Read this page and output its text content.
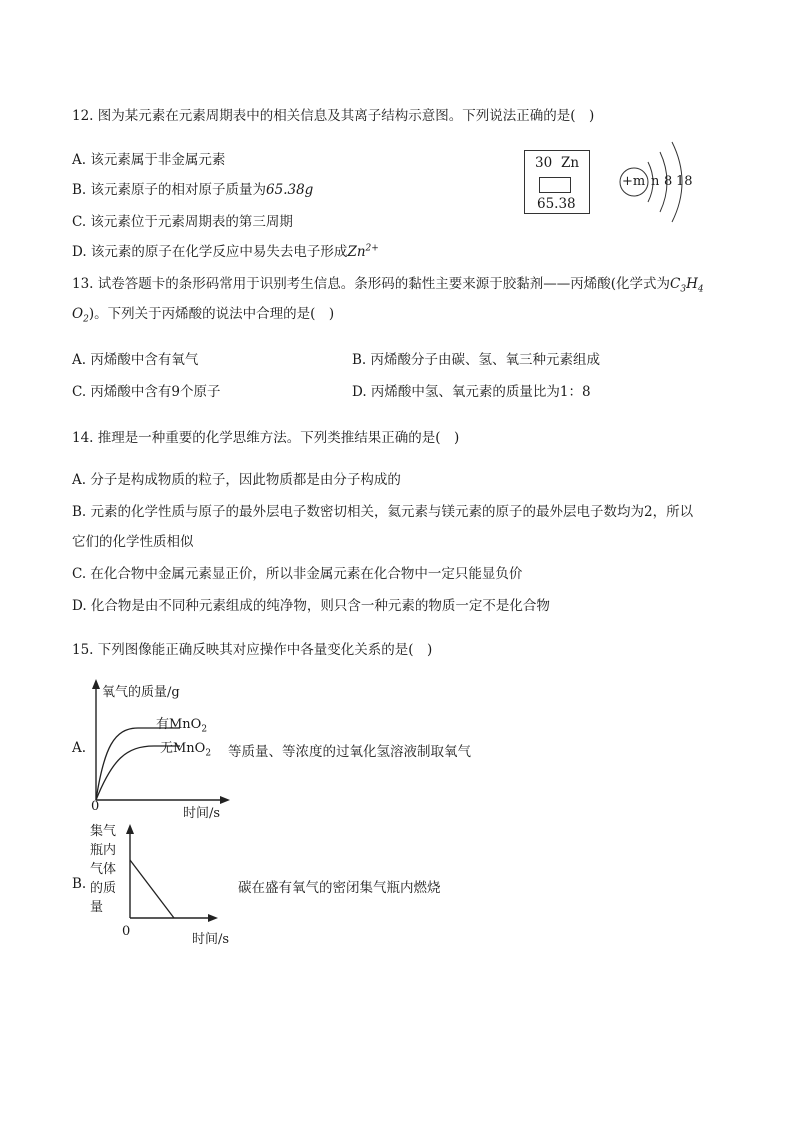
12. 图为某元素在元素周期表中的相关信息及其离子结构示意图。下列说法正确的是(　)
A. 该元素属于非金属元素
B. 该元素原子的相对原子质量为65.38g
C. 该元素位于元素周期表的第三周期
D. 该元素的原子在化学反应中易失去电子形成$Zn^{2+}$
30 Zn
65.38
+m n 8 18
13. 试卷答题卡的条形码常用于识别考生信息。条形码的黏性主要来源于胶黏剂——丙烯酸(化学式为$C_3H_4$
$O_2$)。下列关于丙烯酸的说法中合理的是(　)
A. 丙烯酸中含有氧气	B. 丙烯酸分子由碳、氢、氧三种元素组成
C. 丙烯酸中含有9个原子	D. 丙烯酸中氢、氧元素的质量比为1：8
14. 推理是一种重要的化学思维方法。下列类推结果正确的是(　)
A. 分子是构成物质的粒子，因此物质都是由分子构成的
B. 元素的化学性质与原子的最外层电子数密切相关，氦元素与镁元素的原子的最外层电子数均为2，所以
它们的化学性质相似
C. 在化合物中金属元素显正价，所以非金属元素在化合物中一定只能显负价
D. 化合物是由不同种元素组成的纯净物，则只含一种元素的物质一定不是化合物
15. 下列图像能正确反映其对应操作中各量变化关系的是(　)
A.
氧气的质量/g
有MnO$_2$
无MnO$_2$
0	时间/s
等质量、等浓度的过氧化氢溶液制取氧气
B.
集气
瓶内
气体
的质
量
0
时间/s
碳在盛有氧气的密闭集气瓶内燃烧
